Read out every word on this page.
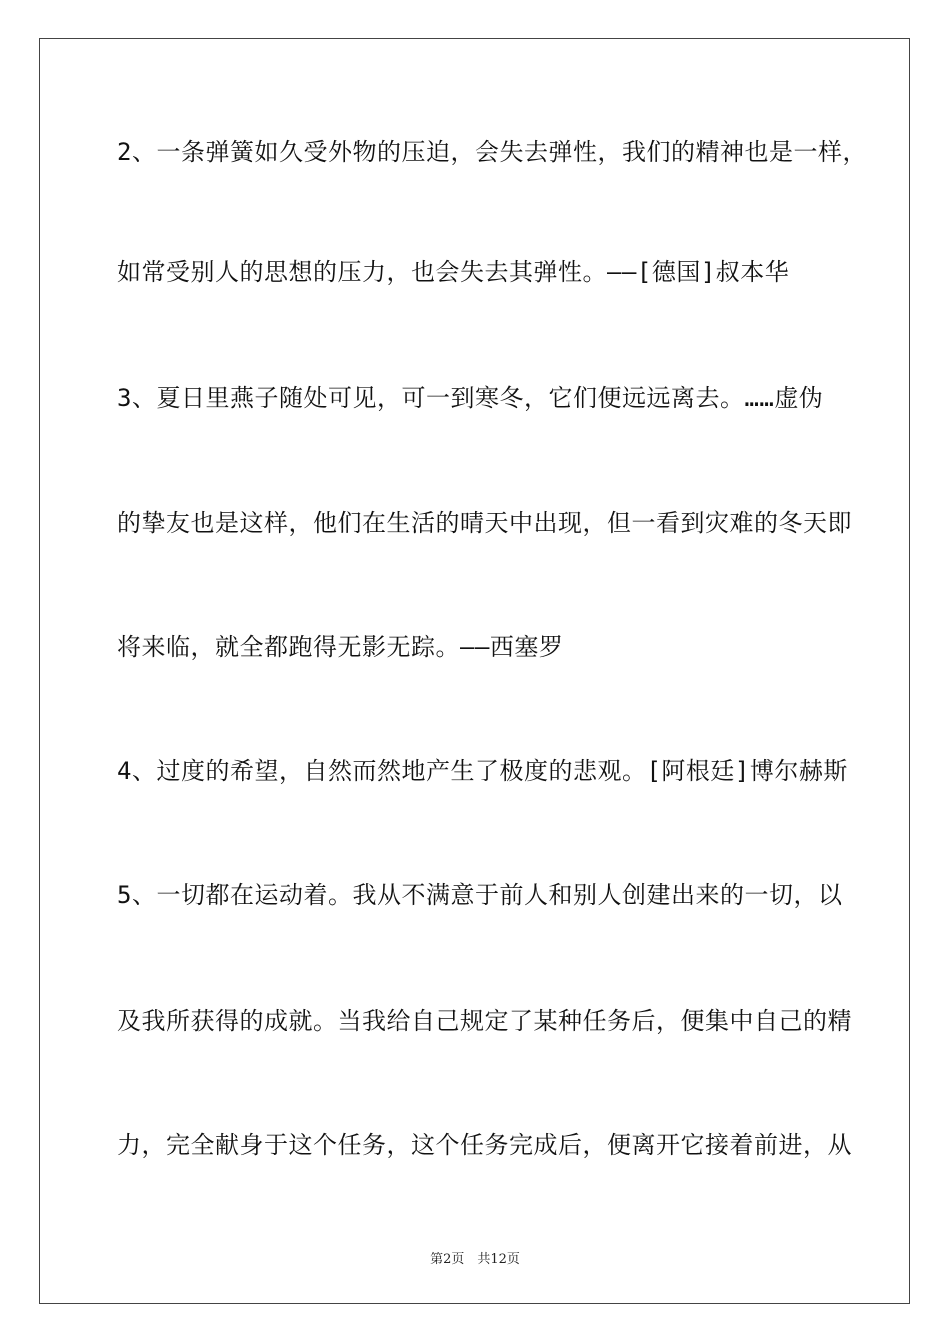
2、一条弹簧如久受外物的压迫，会失去弹性，我们的精神也是一样，

如常受别人的思想的压力，也会失去其弹性。——[德国]叔本华

3、夏日里燕子随处可见，可一到寒冬，它们便远远离去。……虚伪

的挚友也是这样，他们在生活的晴天中出现，但一看到灾难的冬天即

将来临，就全都跑得无影无踪。——西塞罗

4、过度的希望，自然而然地产生了极度的悲观。[阿根廷]博尔赫斯

5、一切都在运动着。我从不满意于前人和别人创建出来的一切，以

及我所获得的成就。当我给自己规定了某种任务后，便集中自己的精

力，完全献身于这个任务，这个任务完成后，便离开它接着前进，从

第2页　共12页
